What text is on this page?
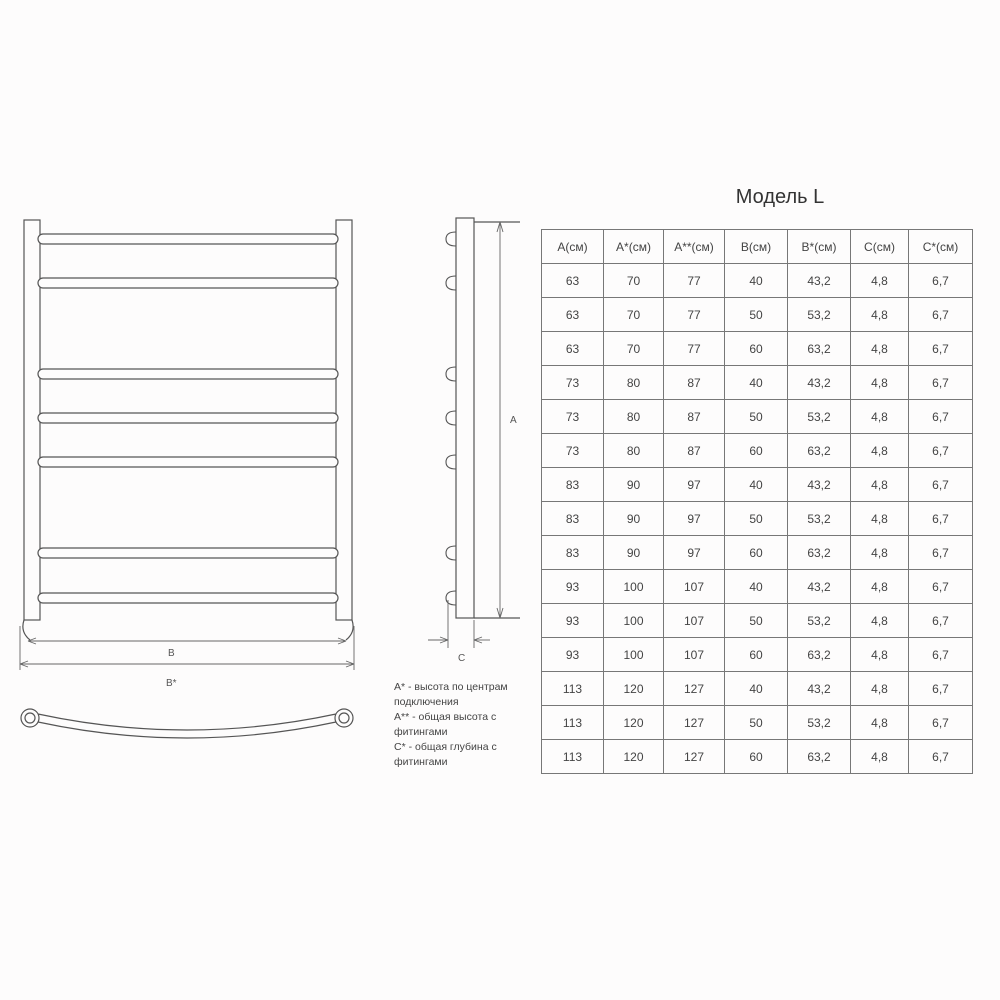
B
B*
A
C
Модель L
A(см)	A*(см)	A**(см)	B(см)	B*(см)	C(см)	C*(см)
63	70	77	40	43,2	4,8	6,7
63	70	77	50	53,2	4,8	6,7
63	70	77	60	63,2	4,8	6,7
73	80	87	40	43,2	4,8	6,7
73	80	87	50	53,2	4,8	6,7
73	80	87	60	63,2	4,8	6,7
83	90	97	40	43,2	4,8	6,7
83	90	97	50	53,2	4,8	6,7
83	90	97	60	63,2	4,8	6,7
93	100	107	40	43,2	4,8	6,7
93	100	107	50	53,2	4,8	6,7
93	100	107	60	63,2	4,8	6,7
113	120	127	40	43,2	4,8	6,7
113	120	127	50	53,2	4,8	6,7
113	120	127	60	63,2	4,8	6,7
A* - высота по центрам подключения
A** - общая высота с фитингами
C* - общая глубина с фитингами
